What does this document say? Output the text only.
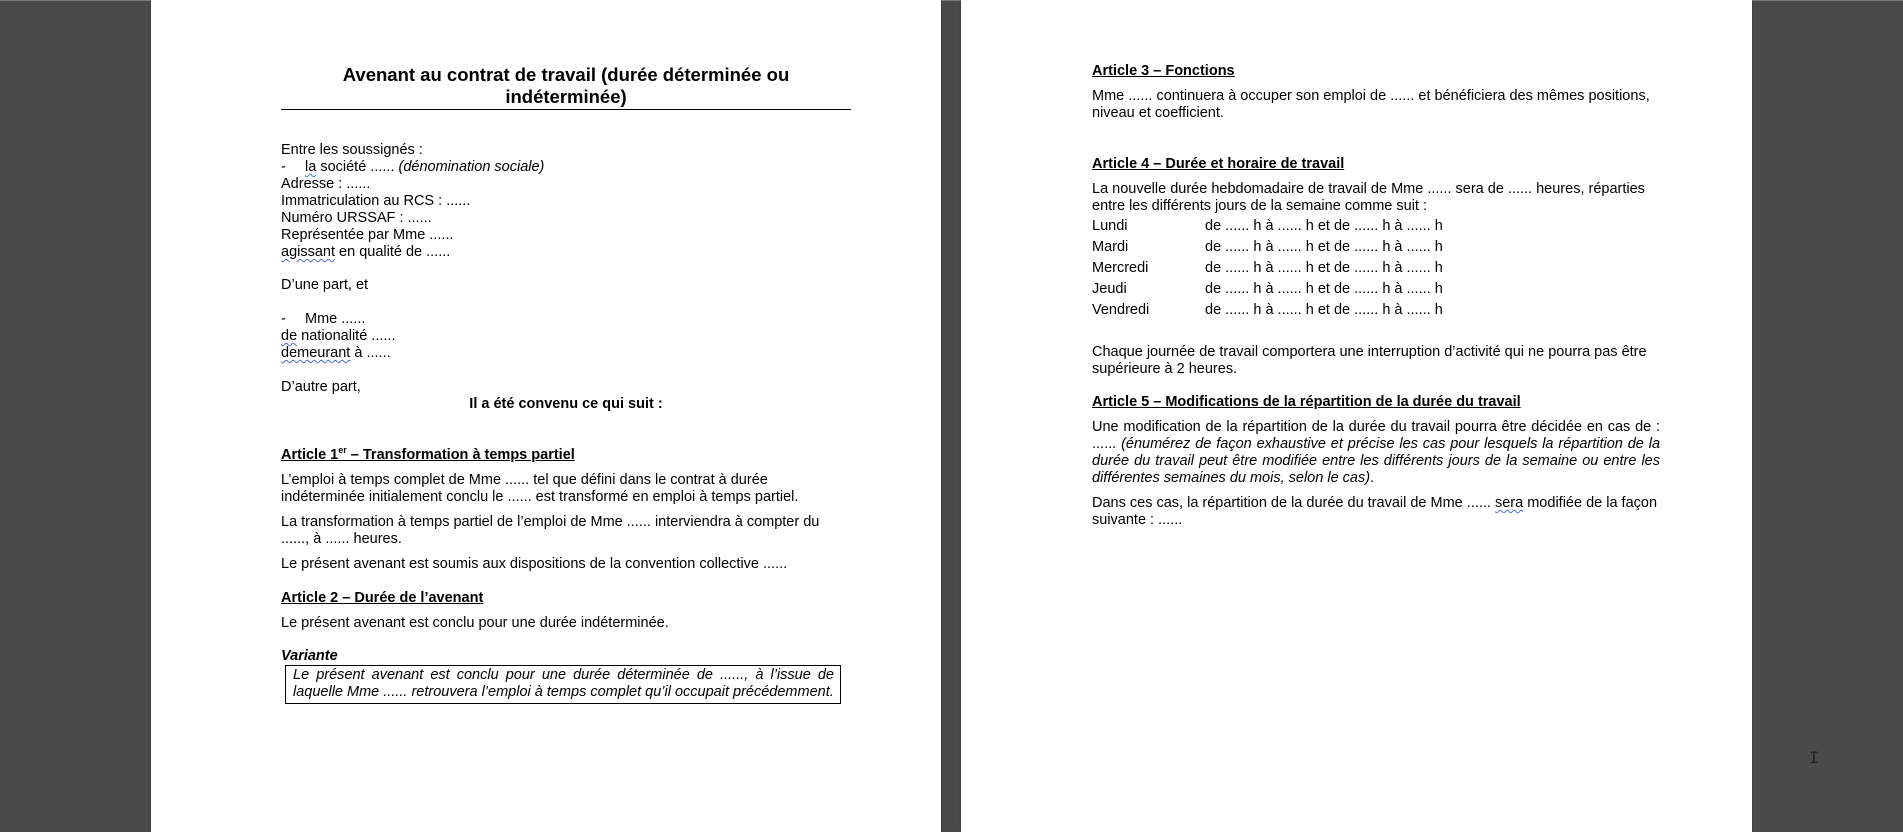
Avenant au contrat de travail (durée déterminée ou indéterminée)
Entre les soussignés :
- la société ...... (dénomination sociale)
Adresse : ......
Immatriculation au RCS : ......
Numéro URSSAF : ......
Représentée par Mme ......
agissant en qualité de ......
D’une part, et
- Mme ......
de nationalité ......
demeurant à ......
D’autre part,
Il a été convenu ce qui suit :
Article 1er – Transformation à temps partiel
L’emploi à temps complet de Mme ...... tel que défini dans le contrat à durée indéterminée initialement conclu le ...... est transformé en emploi à temps partiel.
La transformation à temps partiel de l’emploi de Mme ...... interviendra à compter du ......, à ...... heures.
Le présent avenant est soumis aux dispositions de la convention collective ......
Article 2 – Durée de l’avenant
Le présent avenant est conclu pour une durée indéterminée.
Variante
Le présent avenant est conclu pour une durée déterminée de ......, à l’issue de laquelle Mme ...... retrouvera l’emploi à temps complet qu’il occupait précédemment.
Article 3 – Fonctions
Mme ...... continuera à occuper son emploi de ...... et bénéficiera des mêmes positions, niveau et coefficient.
Article 4 – Durée et horaire de travail
La nouvelle durée hebdomadaire de travail de Mme ...... sera de ...... heures, réparties entre les différents jours de la semaine comme suit :
Lundi	de ...... h à ...... h et de ...... h à ...... h
Mardi	de ...... h à ...... h et de ...... h à ...... h
Mercredi	de ...... h à ...... h et de ...... h à ...... h
Jeudi	de ...... h à ...... h et de ...... h à ...... h
Vendredi	de ...... h à ...... h et de ...... h à ...... h
Chaque journée de travail comportera une interruption d’activité qui ne pourra pas être supérieure à 2 heures.
Article 5 – Modifications de la répartition de la durée du travail
Une modification de la répartition de la durée du travail pourra être décidée en cas de : ...... (énumérez de façon exhaustive et précise les cas pour lesquels la répartition de la durée du travail peut être modifiée entre les différents jours de la semaine ou entre les différentes semaines du mois, selon le cas).
Dans ces cas, la répartition de la durée du travail de Mme ...... sera modifiée de la façon suivante : ......
I
